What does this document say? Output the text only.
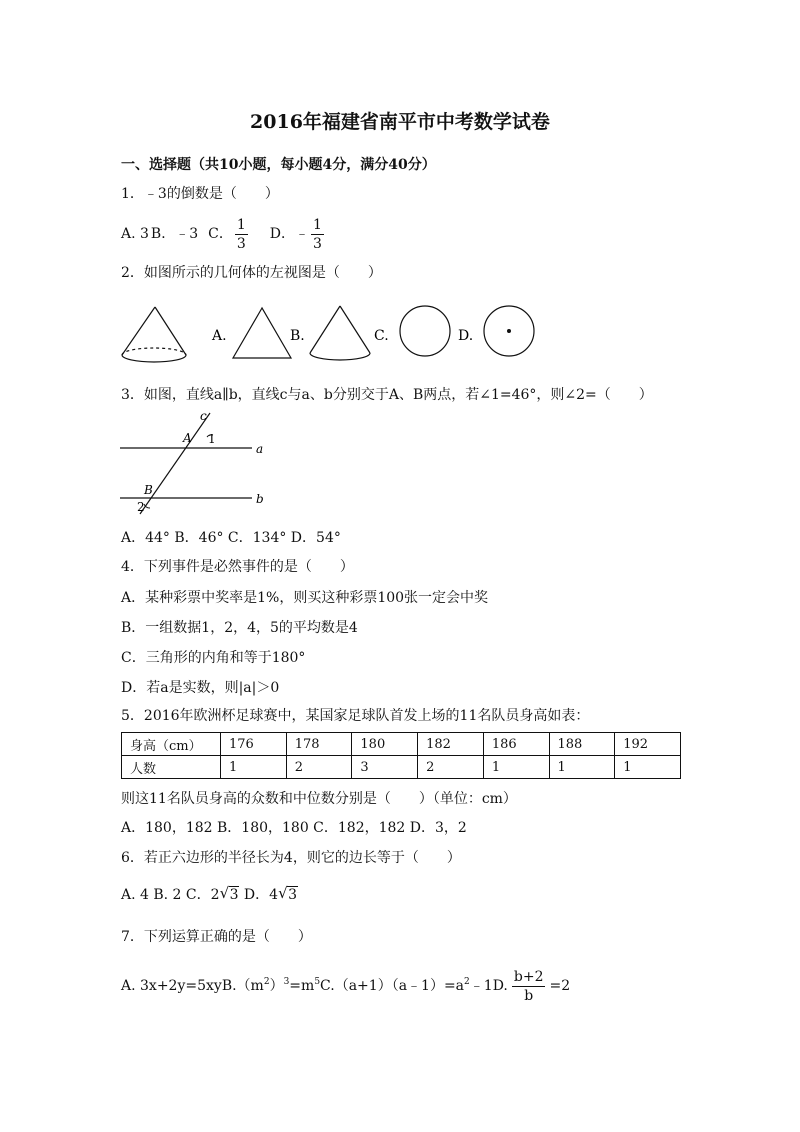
2016年福建省南平市中考数学试卷
一、选择题（共10小题，每小题4分，满分40分）
1．﹣3的倒数是（　　）
A. 3 B．﹣3 C． $\frac{1}{3}$ D．﹣ $\frac{1}{3}$
2．如图所示的几何体的左视图是（　　）
A.	B.	C.	D.
3．如图，直线a∥b，直线c与a、b分别交于A、B两点，若∠1=46°，则∠2=（　　）
c
A 1
a
B
2
b
A．44° B．46° C．134° D．54°
4．下列事件是必然事件的是（　　）
A．某种彩票中奖率是1%，则买这种彩票100张一定会中奖
B．一组数据1，2，4，5的平均数是4
C．三角形的内角和等于180°
D．若a是实数，则|a|＞0
5．2016年欧洲杯足球赛中，某国家足球队首发上场的11名队员身高如表：
身高（cm）	176	178	180	182	186	188	192
人数	1	2	3	2	1	1	1
则这11名队员身高的众数和中位数分别是（　　）（单位：cm）
A．180，182 B．180，180 C．182，182 D．3，2
6．若正六边形的半径长为4，则它的边长等于（　　）
A. 4 B. 2 C．2 √ 3 D．4 √ 3
7．下列运算正确的是（　　）
A. 3x+2y=5xy $B.(m^2)^3=m^5$ $C.(a+1)(a﹣1)=a^2﹣1$ D. $\frac{b+2}{b} =2$
